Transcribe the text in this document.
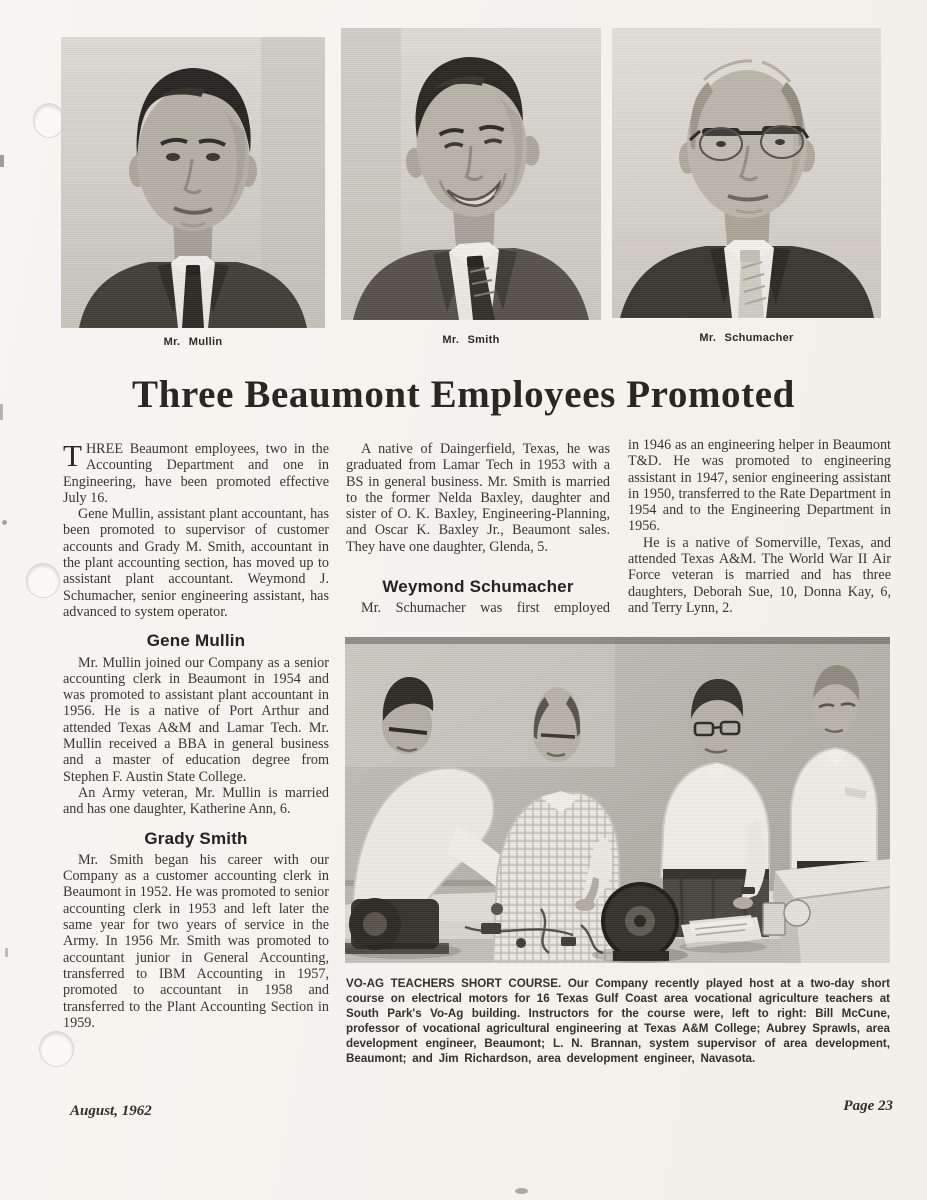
Mr. Mullin	Mr. Smith	Mr. Schumacher
Three Beaumont Employees Promoted

THREE Beaumont employees, two in the Accounting Department and one in Engineering, have been promoted effective July 16.

Gene Mullin, assistant plant accountant, has been promoted to supervisor of customer accounts and Grady M. Smith, accountant in the plant accounting section, has moved up to assistant plant accountant. Weymond J. Schumacher, senior engineering assistant, has advanced to system operator.

Gene Mullin

Mr. Mullin joined our Company as a senior accounting clerk in Beaumont in 1954 and was promoted to assistant plant accountant in 1956. He is a native of Port Arthur and attended Texas A&M and Lamar Tech. Mr. Mullin received a BBA in general business and a master of education degree from Stephen F. Austin State College.

An Army veteran, Mr. Mullin is married and has one daughter, Katherine Ann, 6.

Grady Smith

Mr. Smith began his career with our Company as a customer accounting clerk in Beaumont in 1952. He was promoted to senior accounting clerk in 1953 and left later the same year for two years of service in the Army. In 1956 Mr. Smith was promoted to accountant junior in General Accounting, transferred to IBM Accounting in 1957, promoted to accountant in 1958 and transferred to the Plant Accounting Section in 1959.

A native of Daingerfield, Texas, he was graduated from Lamar Tech in 1953 with a BS in general business. Mr. Smith is married to the former Nelda Baxley, daughter and sister of O. K. Baxley, Engineering-Planning, and Oscar K. Baxley Jr., Beaumont sales. They have one daughter, Glenda, 5.

Weymond Schumacher

Mr. Schumacher was first employed

in 1946 as an engineering helper in Beaumont T&D. He was promoted to engineering assistant in 1947, senior engineering assistant in 1950, transferred to the Rate Department in 1954 and to the Engineering Department in 1956.

He is a native of Somerville, Texas, and attended Texas A&M. The World War II Air Force veteran is married and has three daughters, Deborah Sue, 10, Donna Kay, 6, and Terry Lynn, 2.

VO-AG TEACHERS SHORT COURSE. Our Company recently played host at a two-day short course on electrical motors for 16 Texas Gulf Coast area vocational agriculture teachers at South Park's Vo-Ag building. Instructors for the course were, left to right: Bill McCune, professor of vocational agricultural engineering at Texas A&M College; Aubrey Sprawls, area development engineer, Beaumont; L. N. Brannan, system supervisor of area development, Beaumont; and Jim Richardson, area development engineer, Navasota.

August, 1962	Page 23
